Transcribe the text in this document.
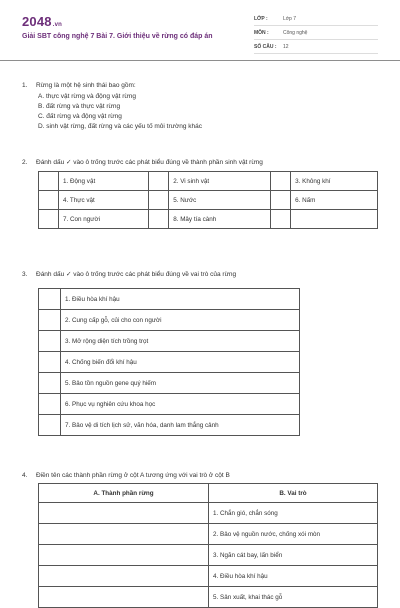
2048.vn
Giải SBT công nghệ 7 Bài 7. Giới thiệu về rừng có đáp án
LỚP :	Lớp 7
MÔN :	Công nghệ
SỐ CÂU : 12
1. Rừng là một hệ sinh thái bao gồm:
A. thực vật rừng và động vật rừng
B. đất rừng và thực vật rừng
C. đất rừng và động vật rừng
D. sinh vật rừng, đất rừng và các yếu tố môi trường khác
2. Đánh dấu ✓ vào ô trống trước các phát biểu đúng về thành phần sinh vật rừng
	1. Động vật		2. Vi sinh vật		3. Không khí
	4. Thực vật		5. Nước		6. Nấm
	7. Con người		8. Mây tía cành		
3. Đánh dấu ✓ vào ô trống trước các phát biểu đúng về vai trò của rừng
	1. Điều hòa khí hậu
	2. Cung cấp gỗ, củi cho con người
	3. Mở rộng diện tích trồng trọt
	4. Chống biến đổi khí hậu
	5. Bảo tồn nguồn gene quý hiếm
	6. Phục vụ nghiên cứu khoa học
	7. Bảo vệ di tích lịch sử, văn hóa, danh lam thắng cảnh
4. Điền tên các thành phần rừng ở cột A tương ứng với vai trò ở cột B
A. Thành phần rừng	B. Vai trò
	1. Chắn gió, chắn sóng
	2. Bảo vệ nguồn nước, chống xói mòn
	3. Ngăn cát bay, lấn biển
	4. Điều hòa khí hậu
	5. Sản xuất, khai thác gỗ
